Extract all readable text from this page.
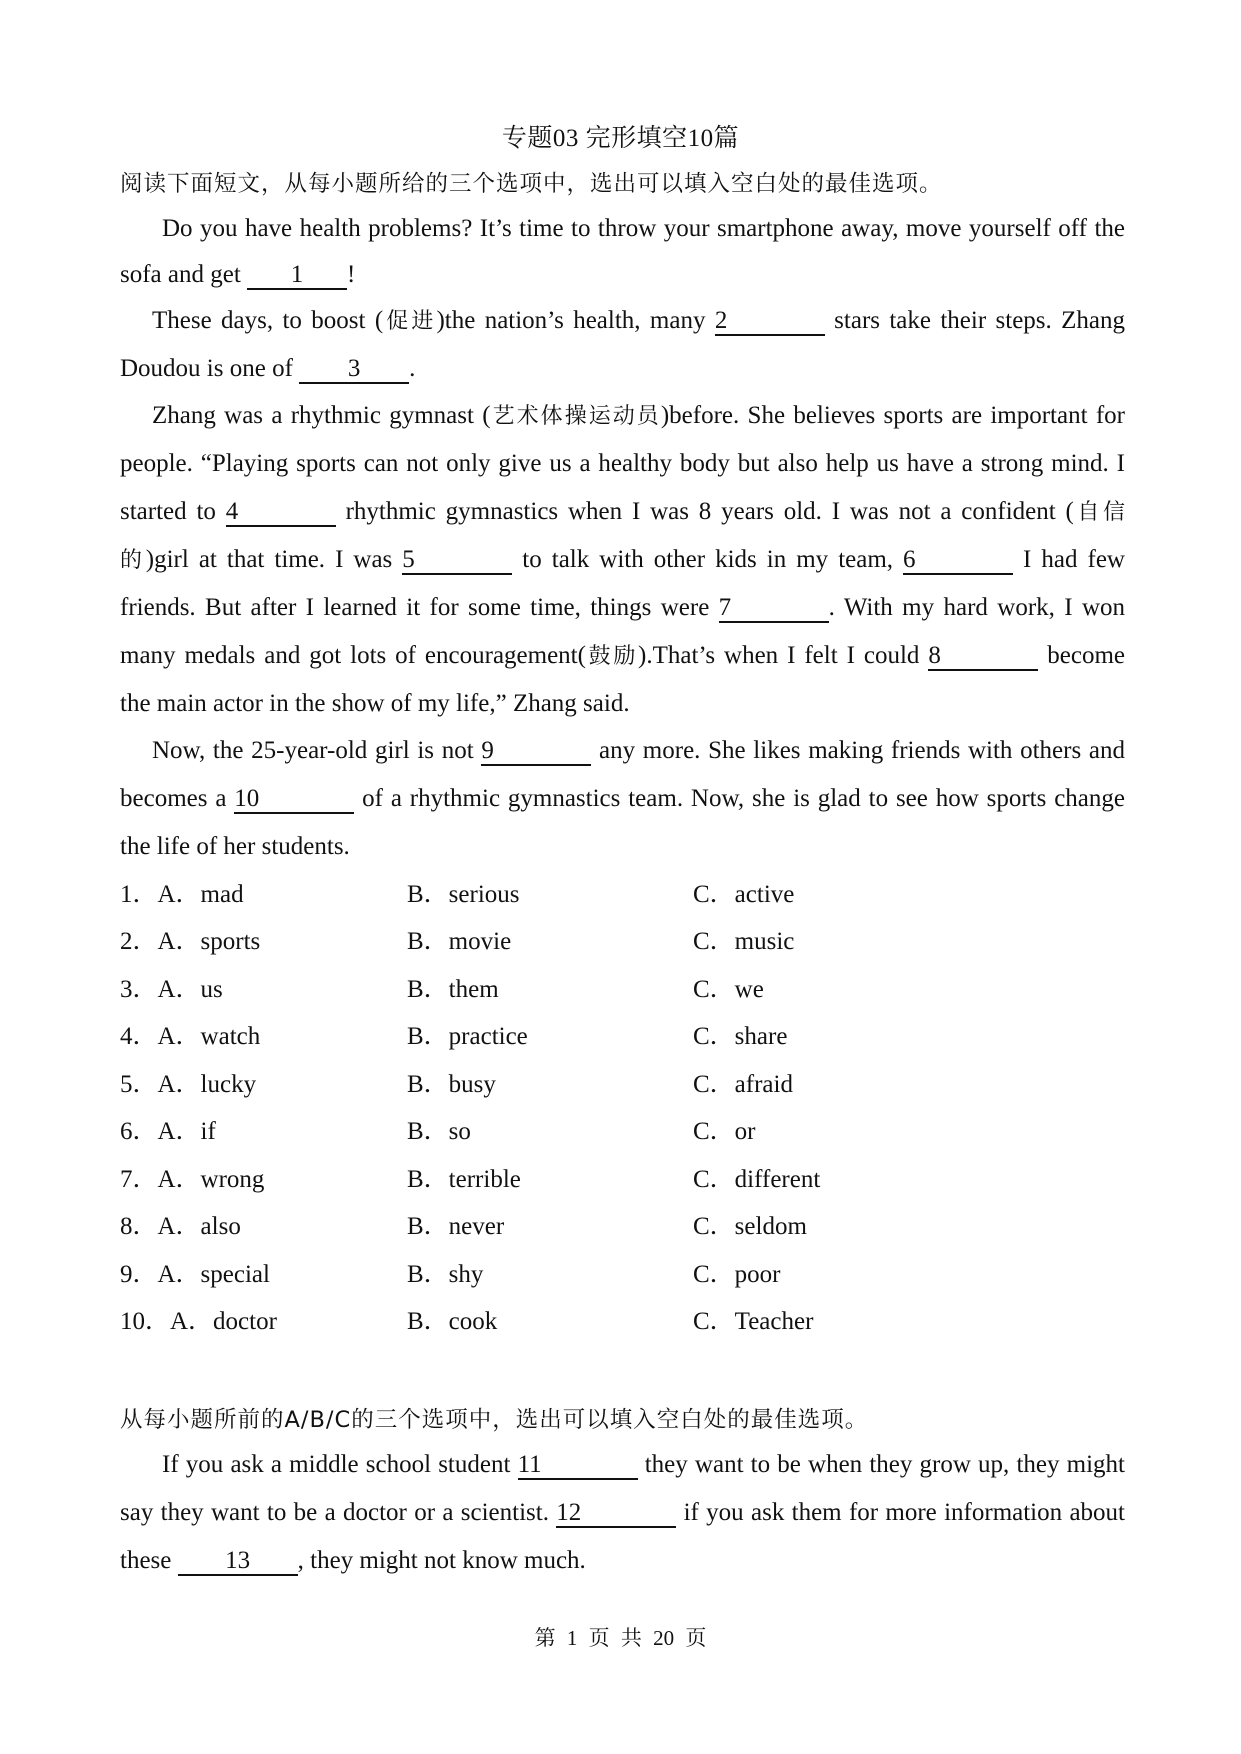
专题03 完形填空10篇
阅读下面短文，从每小题所给的三个选项中，选出可以填入空白处的最佳选项。
Do you have health problems? It’s time to throw your smartphone away, move yourself off the
sofa and get 1 !
These days, to boost (促进)the nation’s health, many 2	stars take their steps. Zhang
Doudou is one of 3 .
Zhang was a rhythmic gymnast (艺术体操运动员)before. She believes sports are important for
people. “Playing sports can not only give us a healthy body but also help us have a strong mind. I
started to 4	rhythmic gymnastics when I was 8 years old. I was not a confident (自信
的)girl at that time. I was 5	to talk with other kids in my team, 6	I had few
friends. But after I learned it for some time, things were 7	. With my hard work, I won
many medals and got lots of encouragement(鼓励).That’s when I felt I could 8	become
the main actor in the show of my life,” Zhang said.
Now, the 25-year-old girl is not 9	any more. She likes making friends with others and
becomes a 10	of a rhythmic gymnastics team. Now, she is glad to see how sports change
the life of her students.
1．A．mad	B．serious	C．active
2．A．sports	B．movie	C．music
3．A．us	B．them	C．we
4．A．watch	B．practice	C．share
5．A．lucky	B．busy	C．afraid
6．A．if	B．so	C．or
7．A．wrong	B．terrible	C．different
8．A．also	B．never	C．seldom
9．A．special	B．shy	C．poor
10．A．doctor	B．cook	C．Teacher
从每小题所前的A/B/C的三个选项中，选出可以填入空白处的最佳选项。
If you ask a middle school student 11	they want to be when they grow up, they might
say they want to be a doctor or a scientist. 12	if you ask them for more information about
these 13 , they might not know much.
第 1 页 共 20 页
